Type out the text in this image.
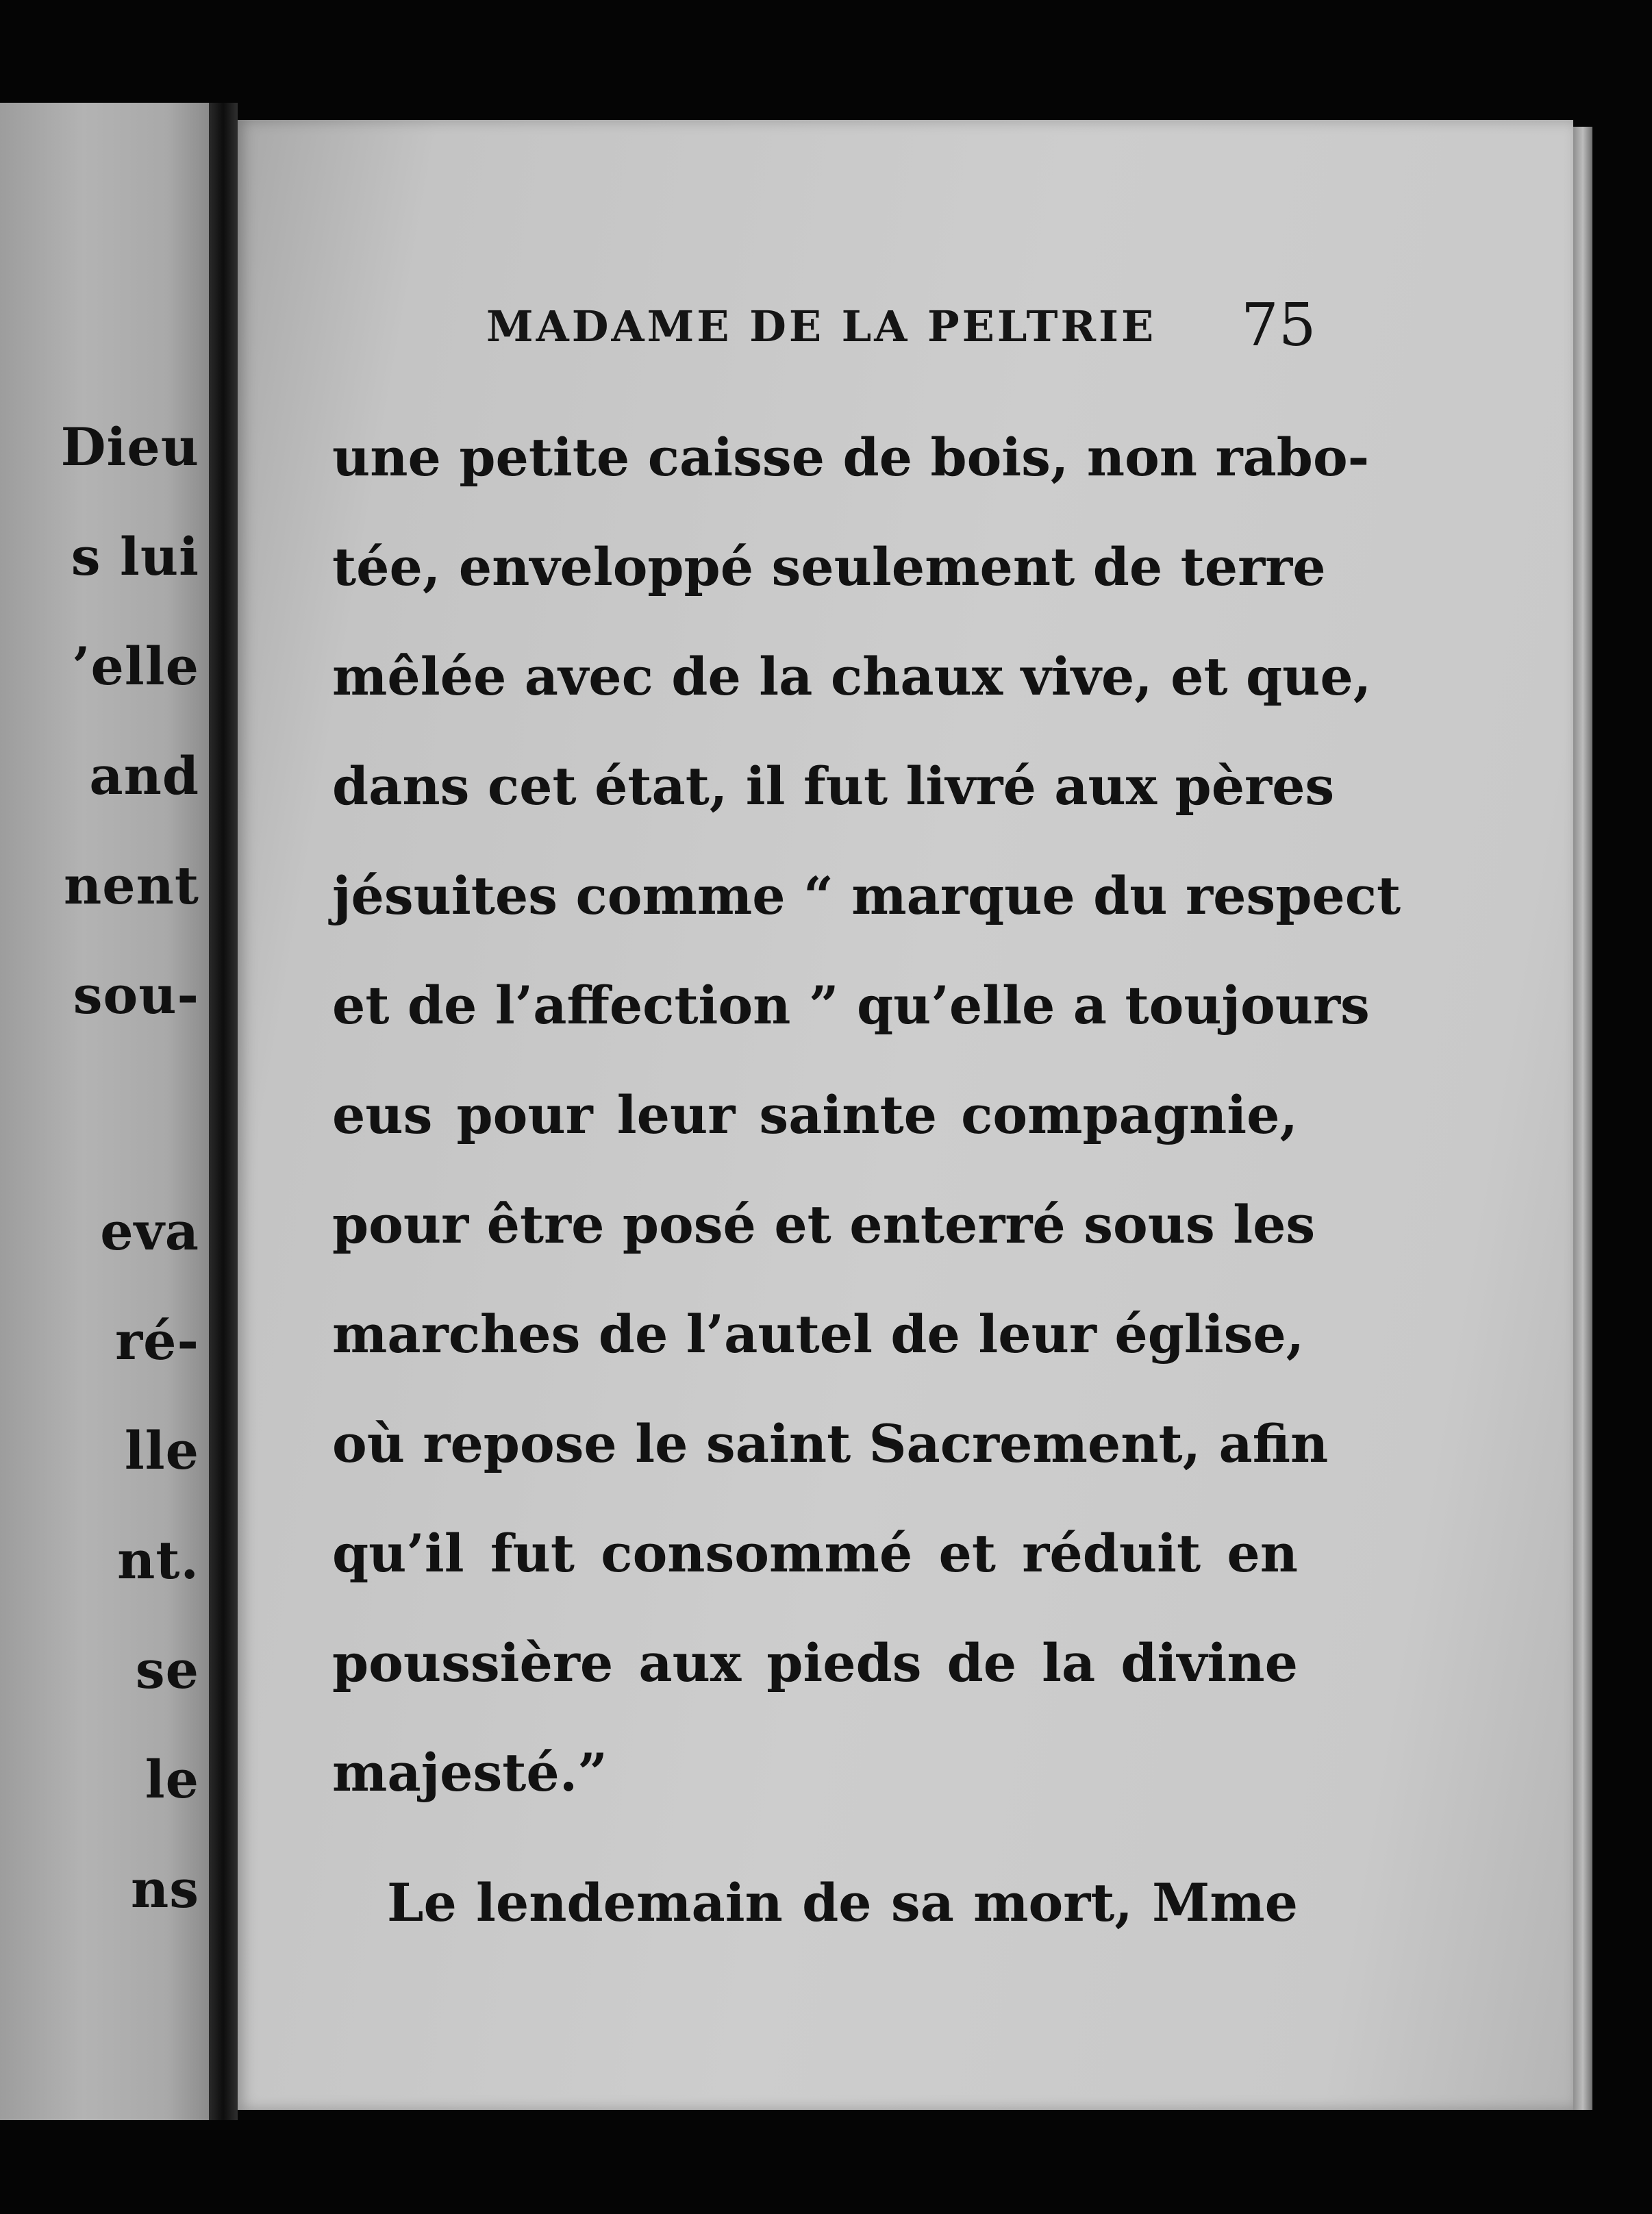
Dieu
s lui
’elle
and
nent
sou-
eva
ré-
lle
nt.
se
le
ns
MADAME DE LA PELTRIE 75
une petite caisse de bois, non rabo-
tée, enveloppé seulement de terre
mêlée avec de la chaux vive, et que,
dans cet état, il fut livré aux pères
jésuites comme “ marque du respect
et de l’affection ” qu’elle a toujours
eus pour leur sainte compagnie,
pour être posé et enterré sous les
marches de l’autel de leur église,
où repose le saint Sacrement, afin
qu’il fut consommé et réduit en
poussière aux pieds de la divine
majesté.”
Le lendemain de sa mort, Mme
